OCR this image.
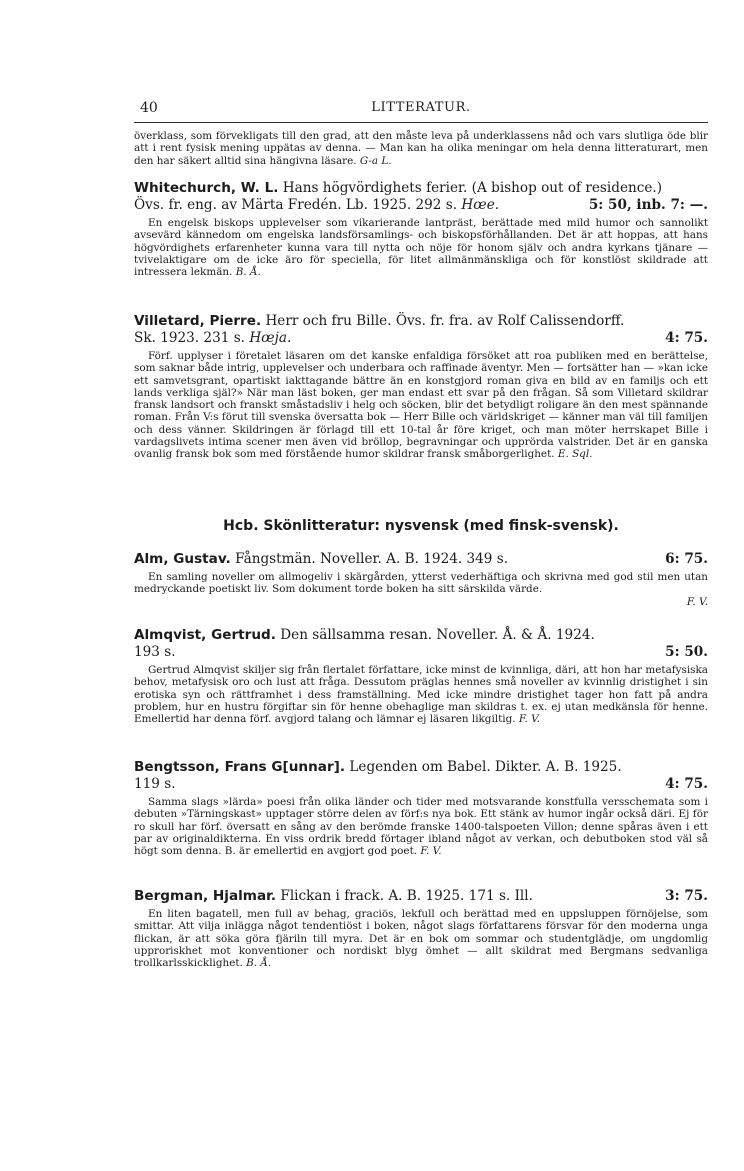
40	LITTERATUR.

överklass, som förvekligats till den grad, att den måste leva på underklassens nåd och vars slutliga öde blir att i rent fysisk mening uppätas av denna. — Man kan ha olika meningar om hela denna litteraturart, men den har säkert alltid sina hängivna läsare. G-a L.

Whitechurch, W. L. Hans högvördighets ferier. (A bishop out of residence.)
Övs. fr. eng. av Märta Fredén. Lb. 1925. 292 s. Hœe.	5: 50, inb. 7: —.

En engelsk biskops upplevelser som vikarierande lantpräst, berättade med mild humor och sannolikt avsevärd kännedom om engelska landsförsamlings- och biskopsförhållanden. Det är att hoppas, att hans högvördighets erfarenheter kunna vara till nytta och nöje för honom själv och andra kyrkans tjänare — tvivelaktigare om de icke äro för speciella, för litet allmänmänskliga och för konstlöst skildrade att intressera lekmän. B. Å.

Villetard, Pierre. Herr och fru Bille. Övs. fr. fra. av Rolf Calissendorff.
Sk. 1923. 231 s. Hœja.	4: 75.

Förf. upplyser i företalet läsaren om det kanske enfaldiga försöket att roa publiken med en berättelse, som saknar både intrig, upplevelser och underbara och raffinade äventyr. Men — fortsätter han — »kan icke ett samvetsgrant, opartiskt iakttagande bättre än en konstgjord roman giva en bild av en familjs och ett lands verkliga själ?» När man läst boken, ger man endast ett svar på den frågan. Så som Villetard skildrar fransk landsort och franskt småstadsliv i helg och söcken, blir det betydligt roligare än den mest spännande roman. Från V:s förut till svenska översatta bok — Herr Bille och världskriget — känner man väl till familjen och dess vänner. Skildringen är förlagd till ett 10-tal år före kriget, och man möter herrskapet Bille i vardagslivets intima scener men även vid bröllop, begravningar och upprörda valstrider. Det är en ganska ovanlig fransk bok som med förstående humor skildrar fransk småborgerlighet. E. Sql.

Hcb. Skönlitteratur: nysvensk (med finsk-svensk).
Alm, Gustav. Fångstmän. Noveller. A. B. 1924. 349 s.	6: 75.

En samling noveller om allmogeliv i skärgården, ytterst vederhäftiga och skrivna med god stil men utan medryckande poetiskt liv. Som dokument torde boken ha sitt särskilda värde.

F. V.
Almqvist, Gertrud. Den sällsamma resan. Noveller. Å. & Å. 1924.
193 s.	5: 50.

Gertrud Almqvist skiljer sig från flertalet författare, icke minst de kvinnliga, däri, att hon har metafysiska behov, metafysisk oro och lust att fråga. Dessutom präglas hennes små noveller av kvinnlig dristighet i sin erotiska syn och rättframhet i dess framställning. Med icke mindre dristighet tager hon fatt på andra problem, hur en hustru förgiftar sin för henne obehaglige man skildras t. ex. ej utan medkänsla för henne. Emellertid har denna förf. avgjord talang och lämnar ej läsaren likgiltig. F. V.

Bengtsson, Frans G[unnar]. Legenden om Babel. Dikter. A. B. 1925.
119 s.	4: 75.

Samma slags »lärda» poesi från olika länder och tider med motsvarande konstfulla versschemata som i debuten »Tärningskast» upptager större delen av förf:s nya bok. Ett stänk av humor ingår också däri. Ej för ro skull har förf. översatt en sång av den berömde franske 1400-talspoeten Villon; denne spåras även i ett par av originaldikterna. En viss ordrik bredd förtager ibland något av verkan, och debutboken stod väl så högt som denna. B. är emellertid en avgjort god poet. F. V.

Bergman, Hjalmar. Flickan i frack. A. B. 1925. 171 s. Ill.	3: 75.

En liten bagatell, men full av behag, graciös, lekfull och berättad med en uppsluppen förnöjelse, som smittar. Att vilja inlägga något tendentiöst i boken, något slags författarens försvar för den moderna unga flickan, är att söka göra fjäriln till myra. Det är en bok om sommar och studentglädje, om ungdomlig upproriskhet mot konventioner och nordiskt blyg ömhet — allt skildrat med Bergmans sedvanliga trollkarlsskicklighet. B. Å.
